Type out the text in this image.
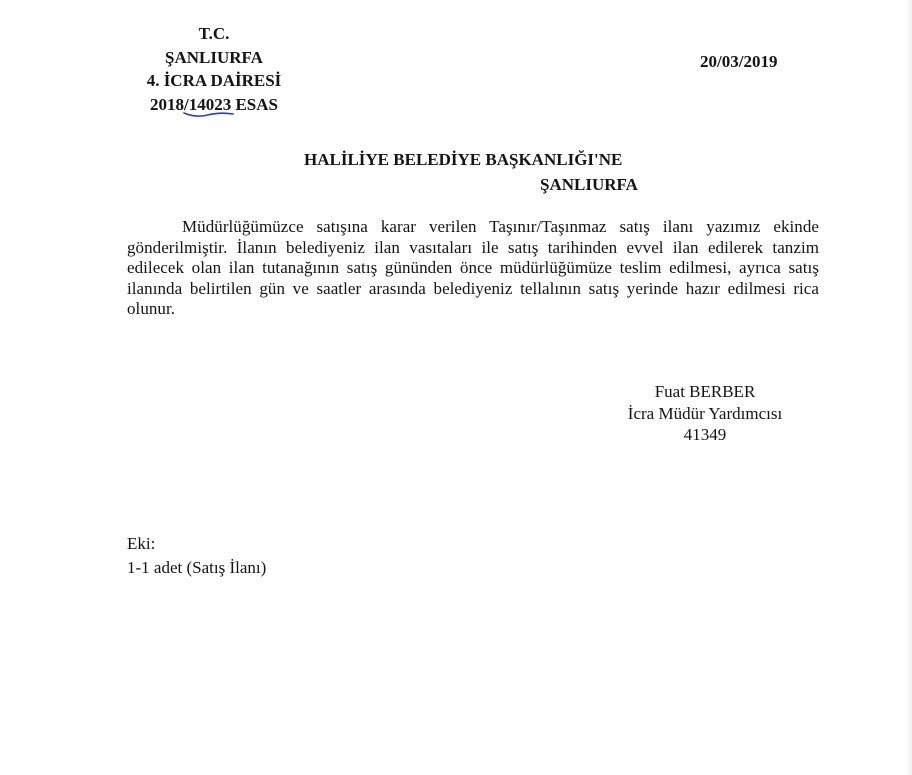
T.C.
ŞANLIURFA
4. İCRA DAİRESİ
2018/14023
ESAS
20/03/2019
HALİLİYE BELEDİYE BAŞKANLIĞI'NE
ŞANLIURFA
Müdürlüğümüzce satışına karar verilen Taşınır/Taşınmaz satış ilanı yazımız ekinde gönderilmiştir. İlanın belediyeniz ilan vasıtaları ile satış tarihinden evvel ilan edilerek tanzim edilecek olan ilan tutanağının satış gününden önce müdürlüğümüze teslim edilmesi, ayrıca satış ilanında belirtilen gün ve saatler arasında belediyeniz tellalının satış yerinde hazır edilmesi rica olunur.
Fuat BERBER
İcra Müdür Yardımcısı
41349
Eki:
1-1 adet (Satış İlanı)
